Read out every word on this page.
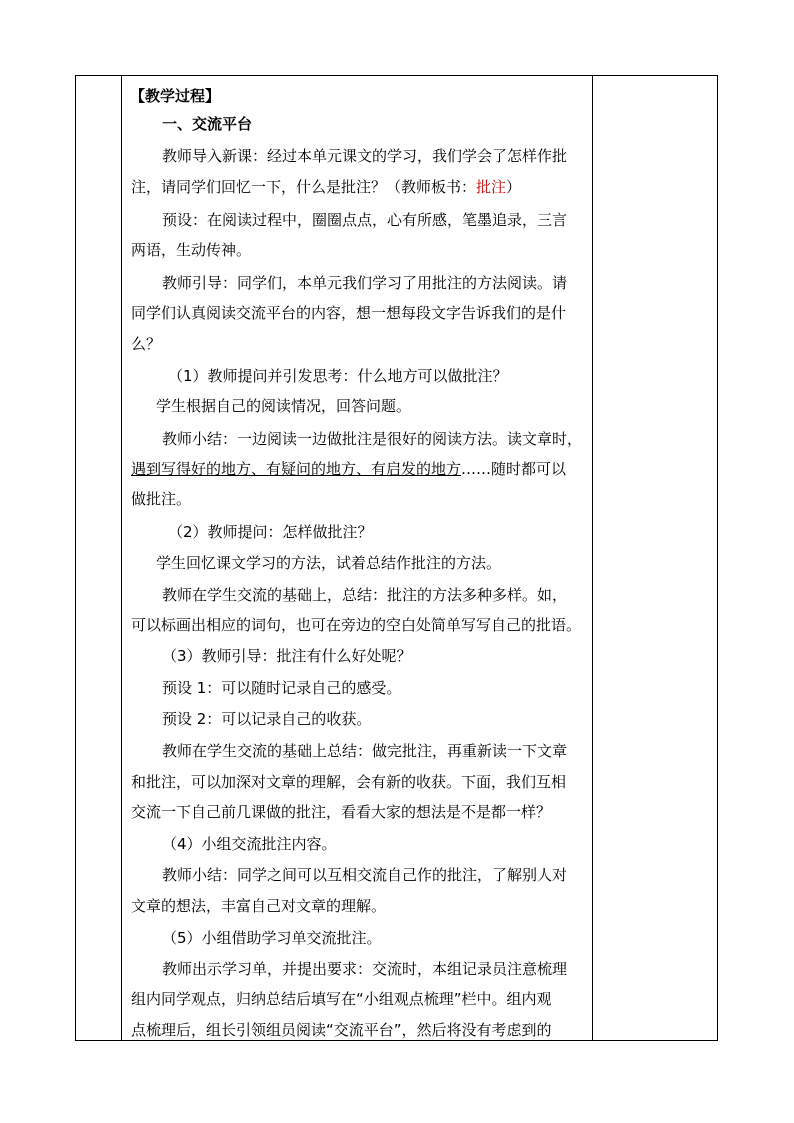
【教学过程】
一、交流平台
教师导入新课：经过本单元课文的学习，我们学会了怎样作批
注，请同学们回忆一下，什么是批注？（教师板书：批注）
预设：在阅读过程中，圈圈点点，心有所感，笔墨追录，三言
两语，生动传神。
教师引导：同学们，本单元我们学习了用批注的方法阅读。请
同学们认真阅读交流平台的内容，想一想每段文字告诉我们的是什
么？
（1）教师提问并引发思考：什么地方可以做批注？
学生根据自己的阅读情况，回答问题。
教师小结：一边阅读一边做批注是很好的阅读方法。读文章时，
遇到写得好的地方、有疑问的地方、有启发的地方……随时都可以
做批注。
（2）教师提问：怎样做批注？
学生回忆课文学习的方法，试着总结作批注的方法。
教师在学生交流的基础上，总结：批注的方法多种多样。如，
可以标画出相应的词句，也可在旁边的空白处简单写写自己的批语。
（3）教师引导：批注有什么好处呢？
预设 1：可以随时记录自己的感受。
预设 2：可以记录自己的收获。
教师在学生交流的基础上总结：做完批注，再重新读一下文章
和批注，可以加深对文章的理解，会有新的收获。下面，我们互相
交流一下自己前几课做的批注，看看大家的想法是不是都一样？
（4）小组交流批注内容。
教师小结：同学之间可以互相交流自己作的批注，了解别人对
文章的想法，丰富自己对文章的理解。
（5）小组借助学习单交流批注。
教师出示学习单，并提出要求：交流时，本组记录员注意梳理
组内同学观点，归纳总结后填写在“小组观点梳理”栏中。组内观
点梳理后，组长引领组员阅读“交流平台”，然后将没有考虑到的
